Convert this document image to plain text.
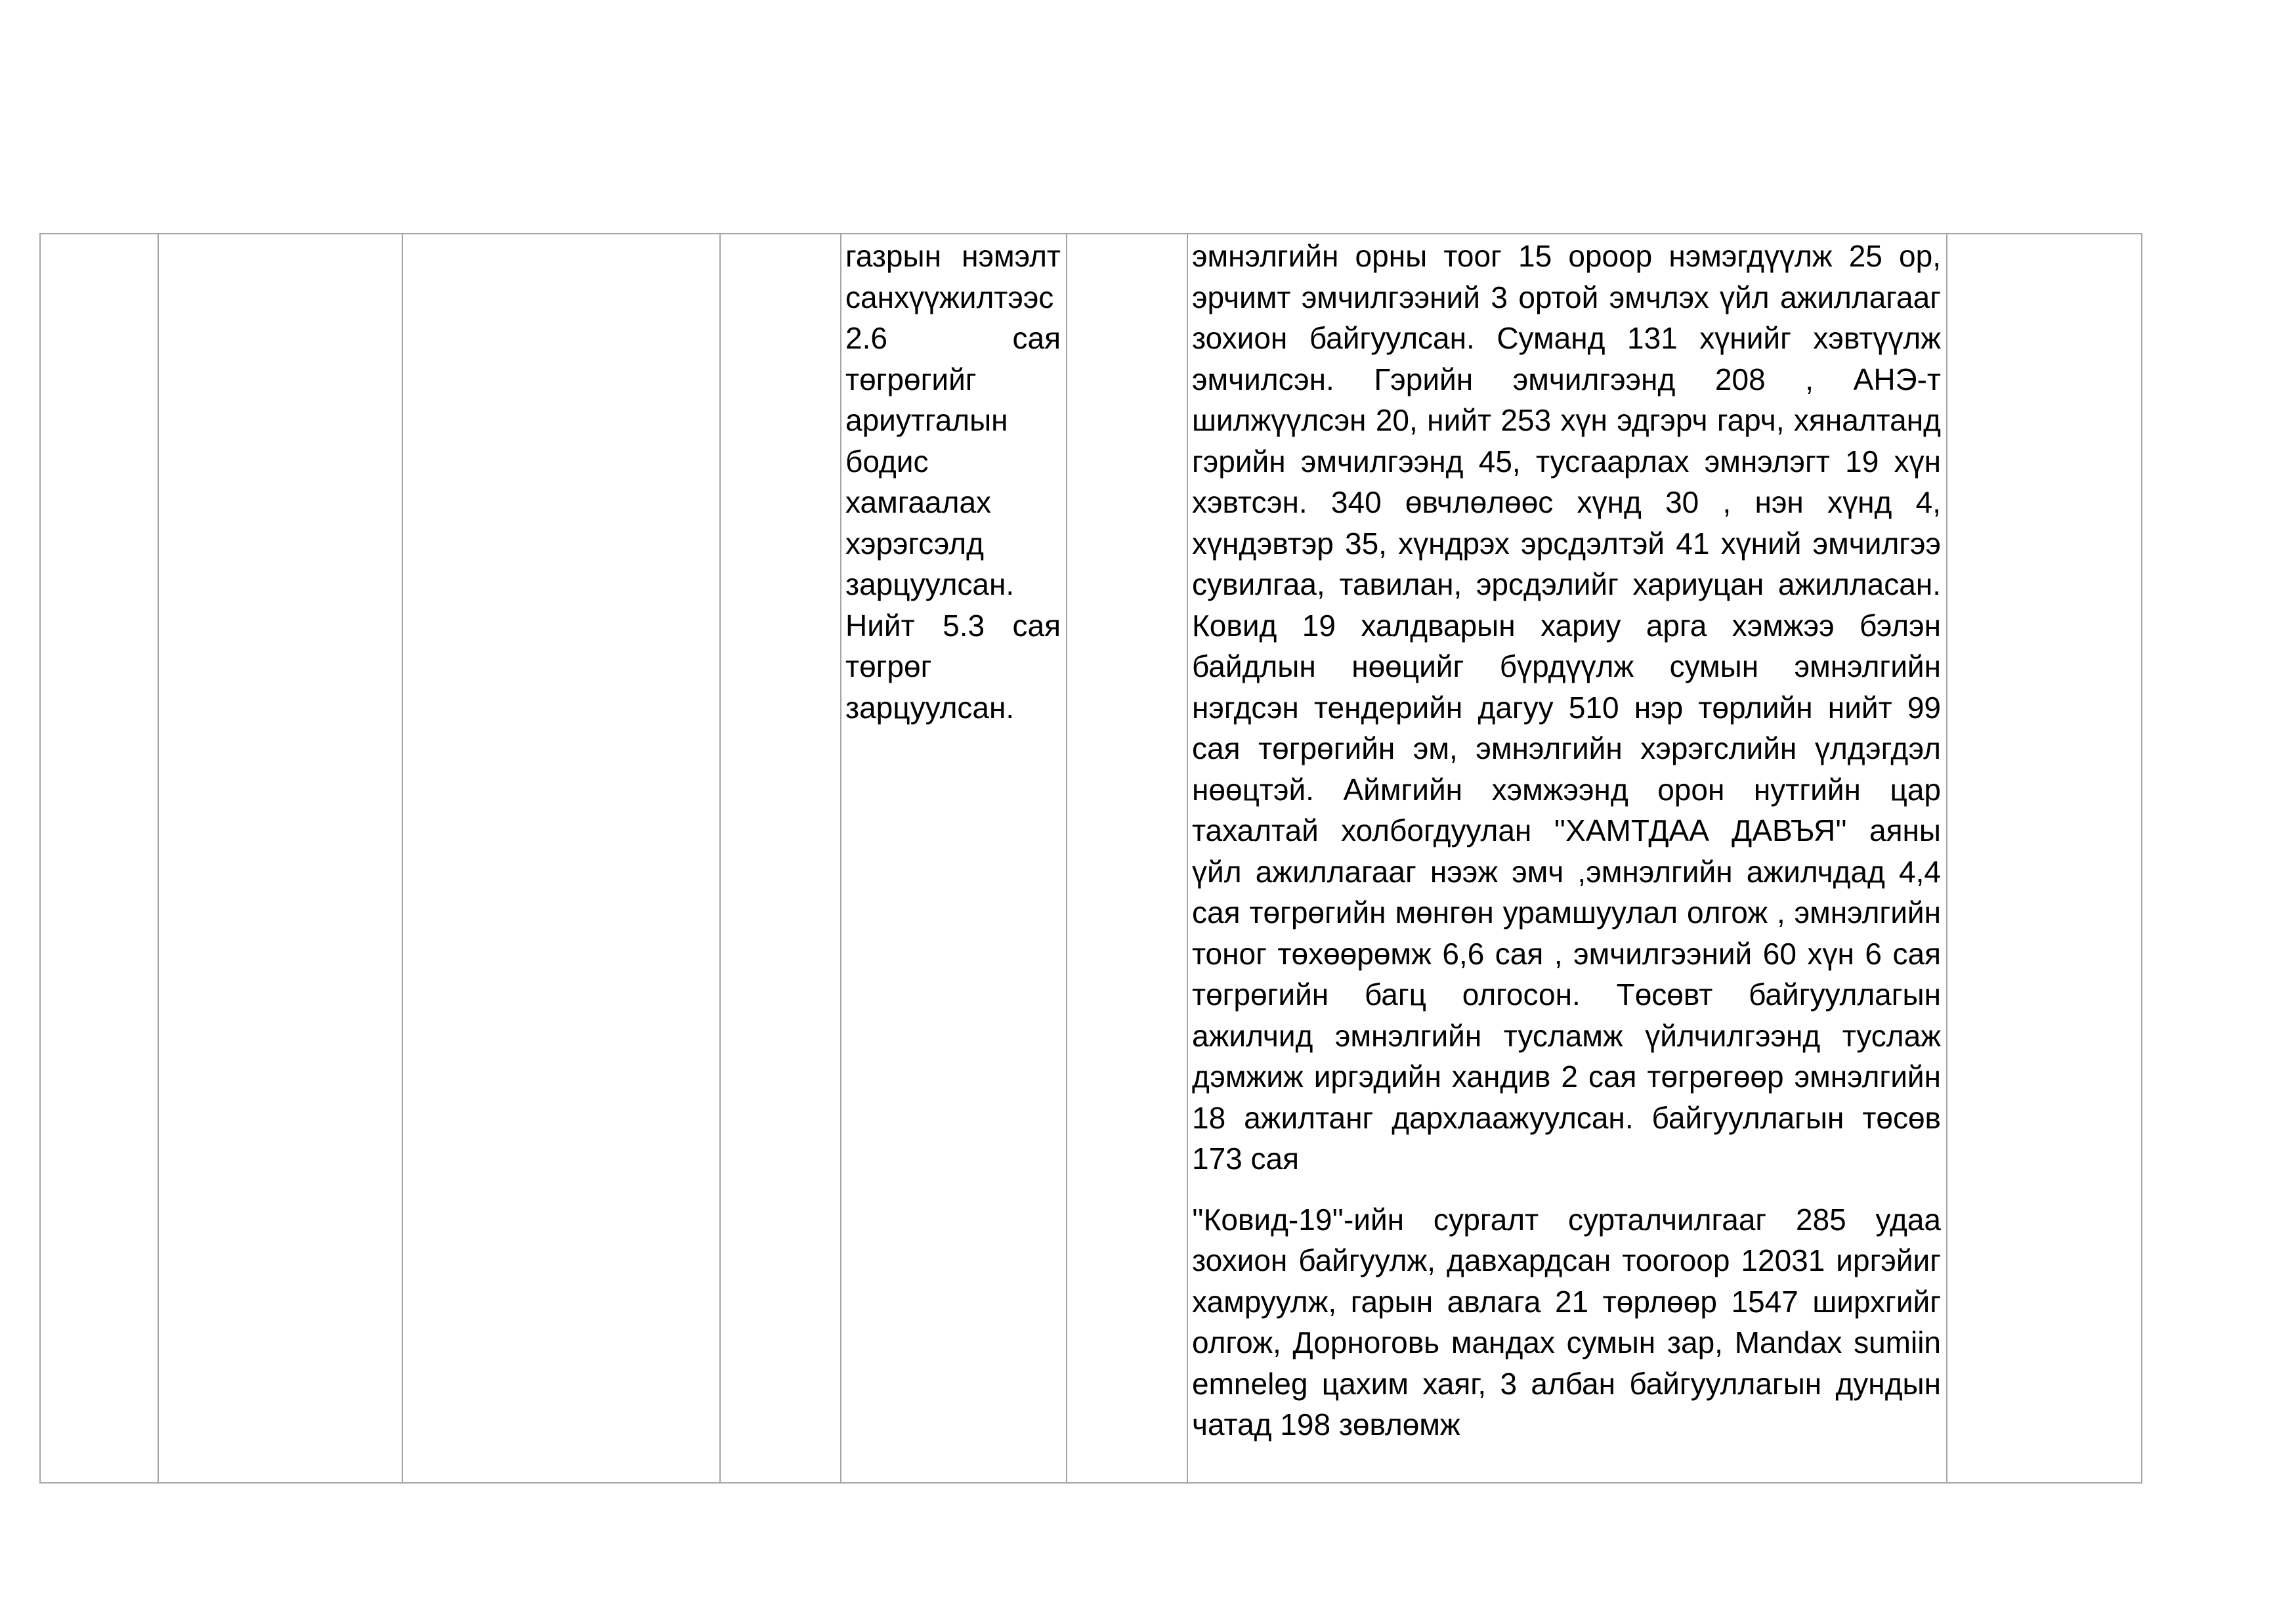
газрын нэмэлт санхүүжилтээс 2.6 сая төгрөгийг ариутгалын бодис хамгаалах хэрэгсэлд зарцуулсан. Нийт 5.3 сая төгрөг зарцуулсан.

эмнэлгийн орны тоог 15 ороор нэмэгдүүлж 25 ор, эрчимт эмчилгээний 3 ортой эмчлэх үйл ажиллагааг зохион байгуулсан. Суманд 131 хүнийг хэвтүүлж эмчилсэн. Гэрийн эмчилгээнд 208 , АНЭ-т шилжүүлсэн 20, нийт 253 хүн эдгэрч гарч, хяналтанд гэрийн эмчилгээнд 45, тусгаарлах эмнэлэгт 19 хүн хэвтсэн. 340 өвчлөлөөс хүнд 30 , нэн хүнд 4, хүндэвтэр 35, хүндрэх эрсдэлтэй 41 хүний эмчилгээ сувилгаа, тавилан, эрсдэлийг хариуцан ажилласан. Ковид 19 халдварын хариу арга хэмжээ бэлэн байдлын нөөцийг бүрдүүлж сумын эмнэлгийн нэгдсэн тендерийн дагуу 510 нэр төрлийн нийт 99 сая төгрөгийн эм, эмнэлгийн хэрэгслийн үлдэгдэл нөөцтэй. Аймгийн хэмжээнд орон нутгийн цар тахалтай холбогдуулан ''ХАМТДАА ДАВЪЯ'' аяны үйл ажиллагааг нээж эмч ,эмнэлгийн ажилчдад 4,4 сая төгрөгийн мөнгөн урамшуулал олгож , эмнэлгийн тоног төхөөрөмж 6,6 сая , эмчилгээний 60 хүн 6 сая төгрөгийн багц олгосон. Төсөвт байгууллагын ажилчид эмнэлгийн тусламж үйлчилгээнд туслаж дэмжиж иргэдийн хандив 2 сая төгрөгөөр эмнэлгийн 18 ажилтанг дархлаажуулсан. байгууллагын төсөв 173 сая
''Ковид-19''-ийн сургалт сурталчилгааг 285 удаа зохион байгуулж, давхардсан тоогоор 12031 иргэйиг хамруулж, гарын авлага 21 төрлөөр 1547 ширхгийг олгож, Дорноговь мандах сумын зар, Mandax sumiin emneleg цахим хаяг, 3 албан байгууллагын дундын чатад 198 зөвлөмж
